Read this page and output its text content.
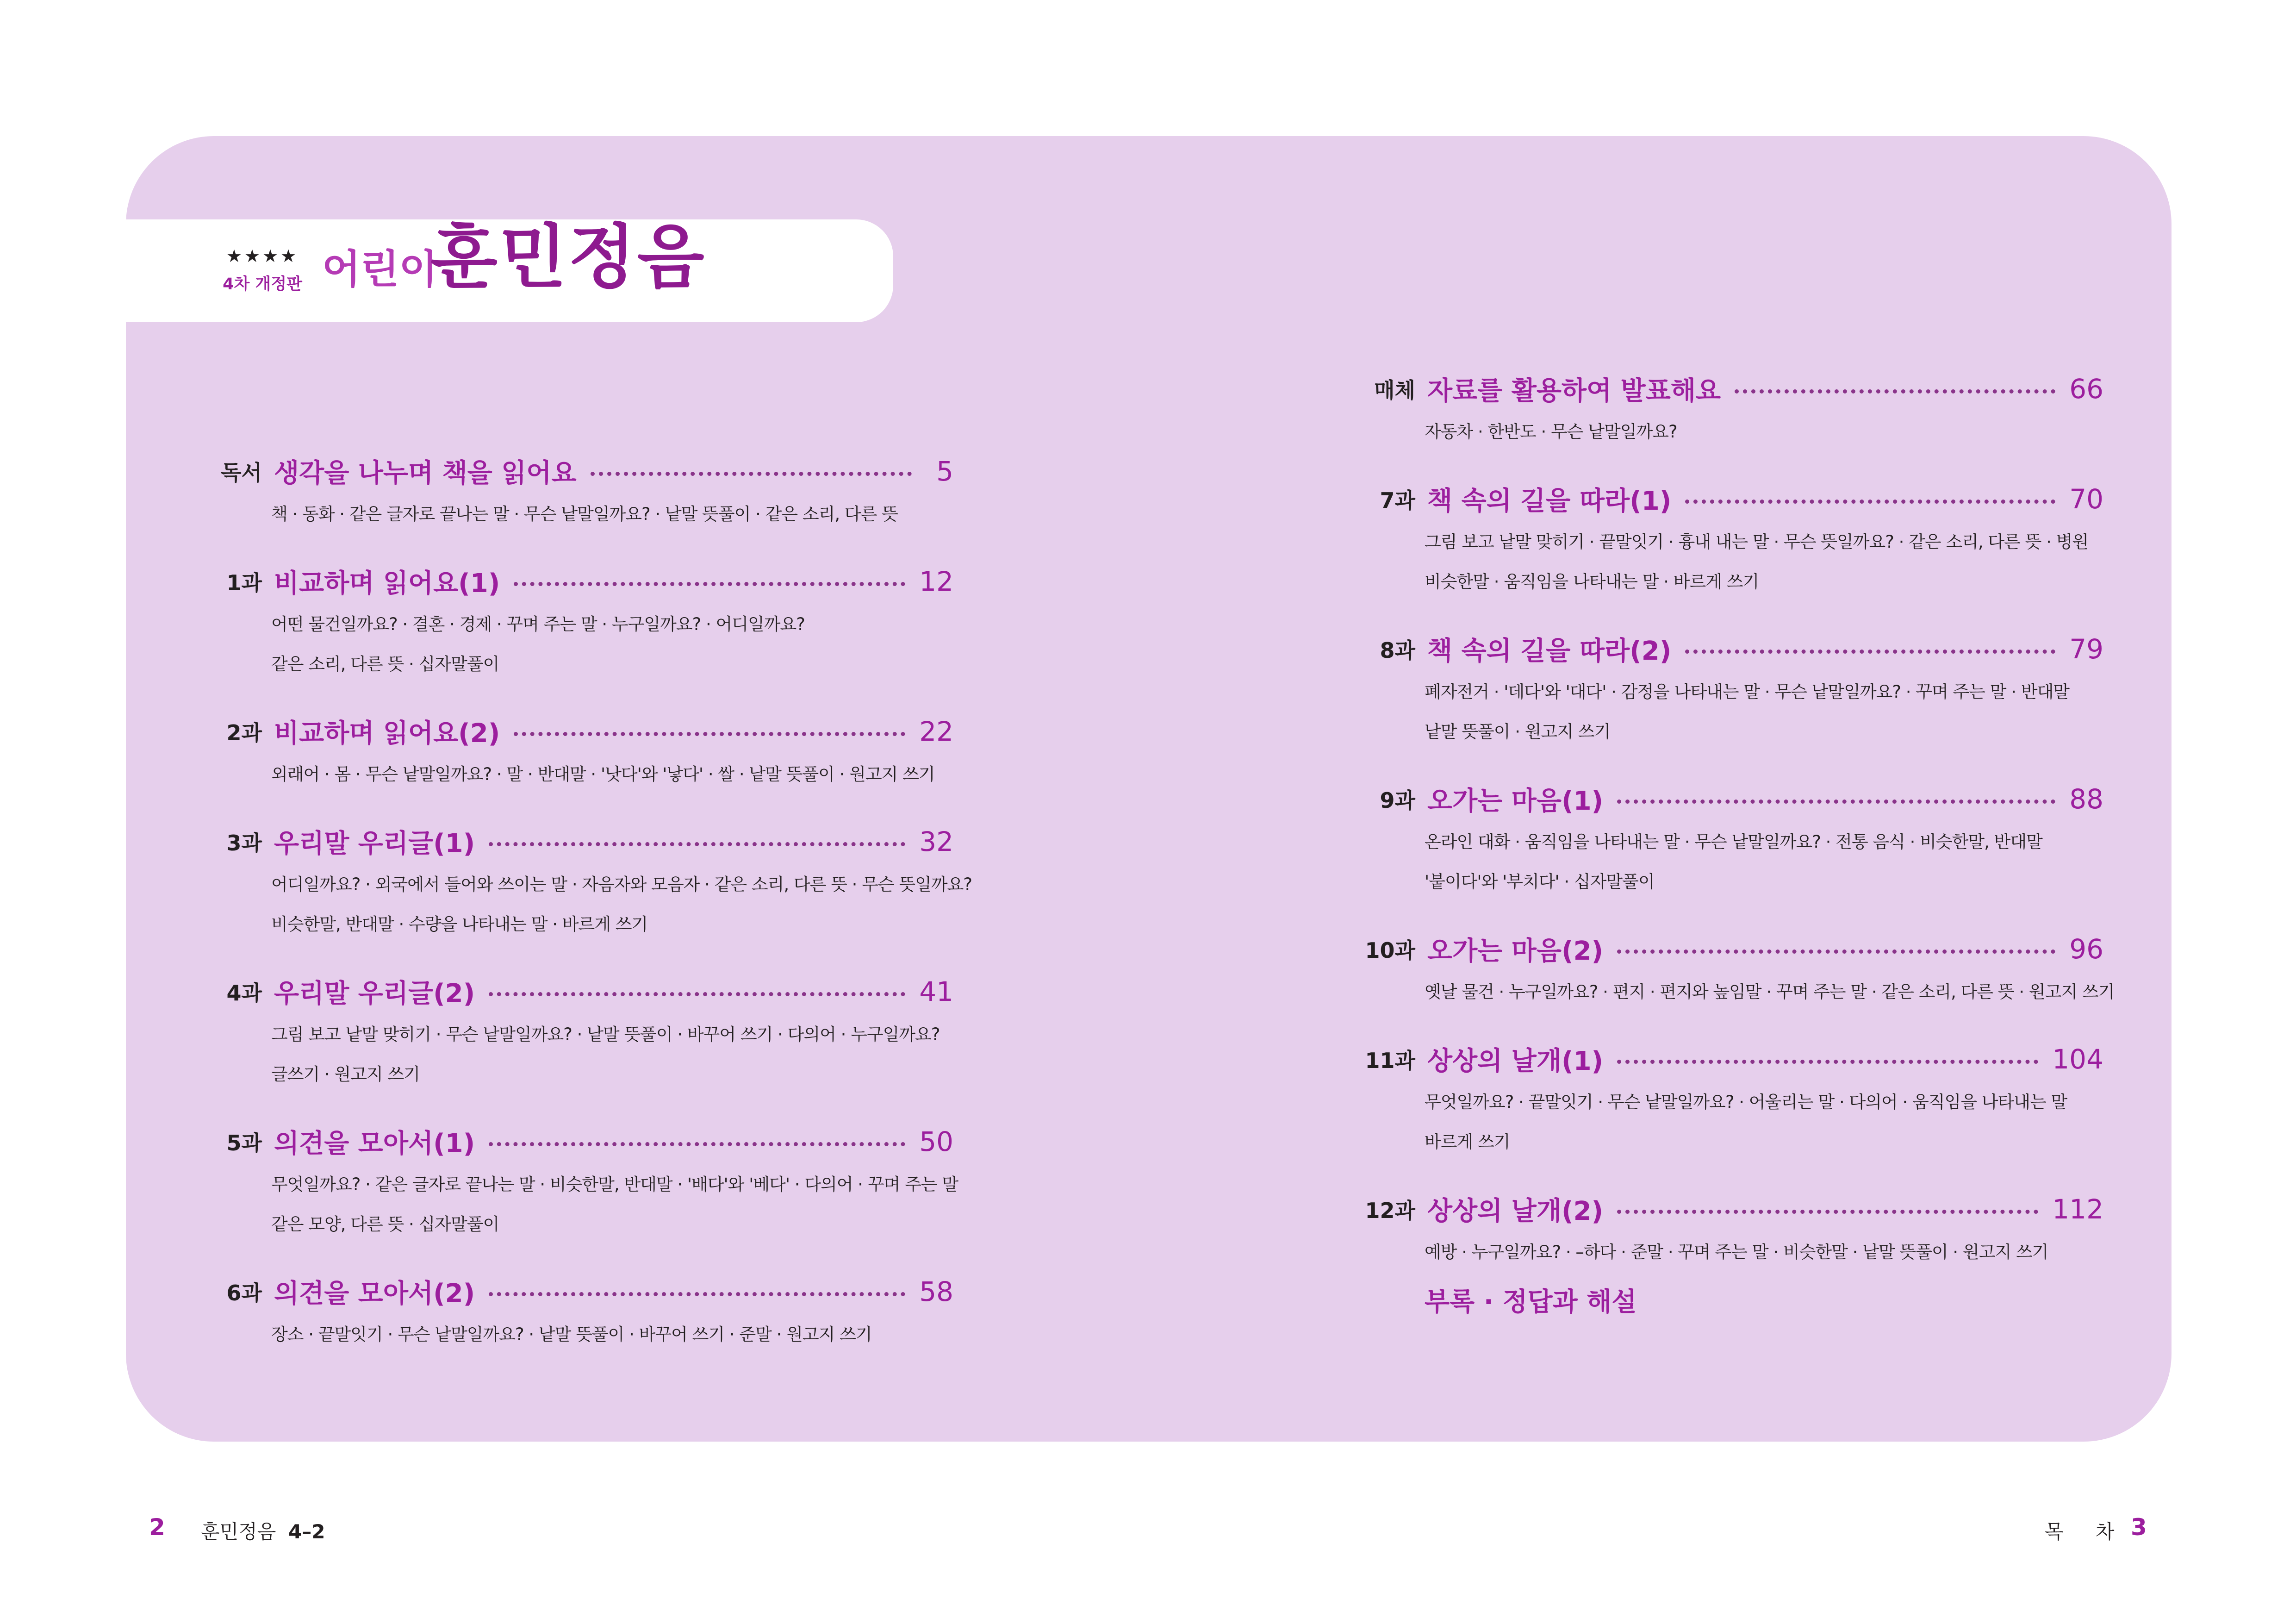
★★★★
4차 개정판 어린이
훈민정음
독서 생각을 나누며 책을 읽어요	5
책 · 동화 · 같은 글자로 끝나는 말 · 무슨 낱말일까요? · 낱말 뜻풀이 · 같은 소리, 다른 뜻
1과 비교하며 읽어요(1)	12
어떤 물건일까요? · 결혼 · 경제 · 꾸며 주는 말 · 누구일까요? · 어디일까요?
같은 소리, 다른 뜻 · 십자말풀이
2과 비교하며 읽어요(2)	22
외래어 · 몸 · 무슨 낱말일까요? · 말 · 반대말 · '낫다'와 '낳다' · 쌀 · 낱말 뜻풀이 · 원고지 쓰기
3과 우리말 우리글(1)	32
어디일까요? · 외국에서 들어와 쓰이는 말 · 자음자와 모음자 · 같은 소리, 다른 뜻 · 무슨 뜻일까요?
비슷한말, 반대말 · 수량을 나타내는 말 · 바르게 쓰기
4과 우리말 우리글(2)	41
그림 보고 낱말 맞히기 · 무슨 낱말일까요? · 낱말 뜻풀이 · 바꾸어 쓰기 · 다의어 · 누구일까요?
글쓰기 · 원고지 쓰기
5과 의견을 모아서(1)	50
무엇일까요? · 같은 글자로 끝나는 말 · 비슷한말, 반대말 · '배다'와 '베다' · 다의어 · 꾸며 주는 말
같은 모양, 다른 뜻 · 십자말풀이
6과 의견을 모아서(2)	58
장소 · 끝말잇기 · 무슨 낱말일까요? · 낱말 뜻풀이 · 바꾸어 쓰기 · 준말 · 원고지 쓰기
매체 자료를 활용하여 발표해요	66
자동차 · 한반도 · 무슨 낱말일까요?
7과 책 속의 길을 따라(1)	70
그림 보고 낱말 맞히기 · 끝말잇기 · 흉내 내는 말 · 무슨 뜻일까요? · 같은 소리, 다른 뜻 · 병원
비슷한말 · 움직임을 나타내는 말 · 바르게 쓰기
8과 책 속의 길을 따라(2)	79
폐자전거 · '데다'와 '대다' · 감정을 나타내는 말 · 무슨 낱말일까요? · 꾸며 주는 말 · 반대말
낱말 뜻풀이 · 원고지 쓰기
9과 오가는 마음(1)	88
온라인 대화 · 움직임을 나타내는 말 · 무슨 낱말일까요? · 전통 음식 · 비슷한말, 반대말
'붙이다'와 '부치다' · 십자말풀이
10과 오가는 마음(2)	96
옛날 물건 · 누구일까요? · 편지 · 편지와 높임말 · 꾸며 주는 말 · 같은 소리, 다른 뜻 · 원고지 쓰기
11과 상상의 날개(1)	104
무엇일까요? · 끝말잇기 · 무슨 낱말일까요? · 어울리는 말 · 다의어 · 움직임을 나타내는 말
바르게 쓰기
12과 상상의 날개(2)	112
예방 · 누구일까요? · –하다 · 준말 · 꾸며 주는 말 · 비슷한말 · 낱말 뜻풀이 · 원고지 쓰기
부록 · 정답과 해설
2 훈민정음 4–2	목 차 3
